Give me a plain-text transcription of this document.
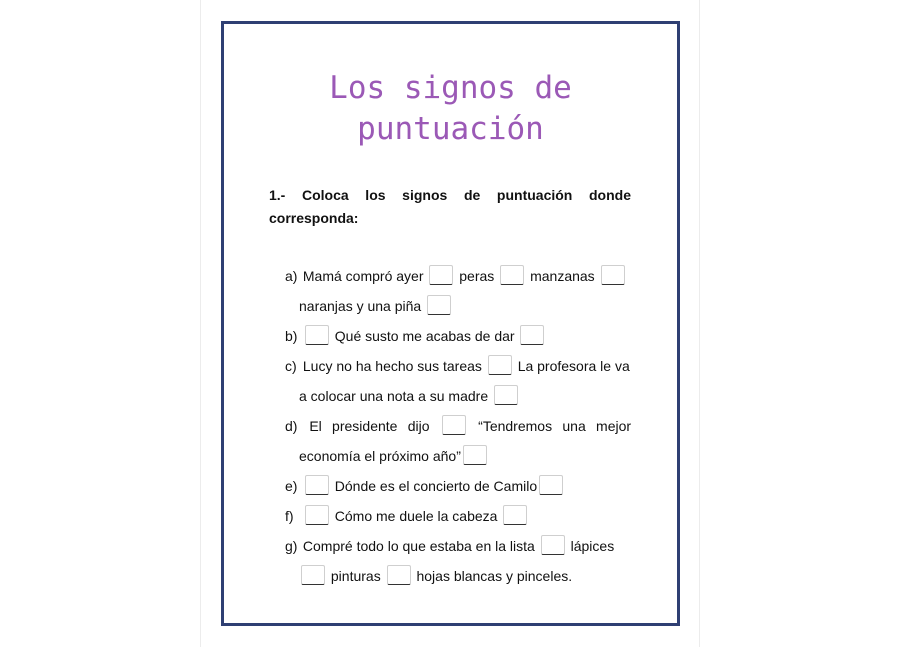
Los signos de
puntuación
1.- Coloca los signos de puntuación donde corresponda:
a) Mamá compró ayer	peras	manzanas
naranjas y una piña
b)	Qué susto me acabas de dar
c) Lucy no ha hecho sus tareas	La profesora le va
a colocar una nota a su madre
d) El presidente dijo	“Tendremos una mejor
economía el próximo año”
e)	Dónde es el concierto de Camilo
f)	Cómo me duele la cabeza
g) Compré todo lo que estaba en la lista	lápices
pinturas	hojas blancas y pinceles.
